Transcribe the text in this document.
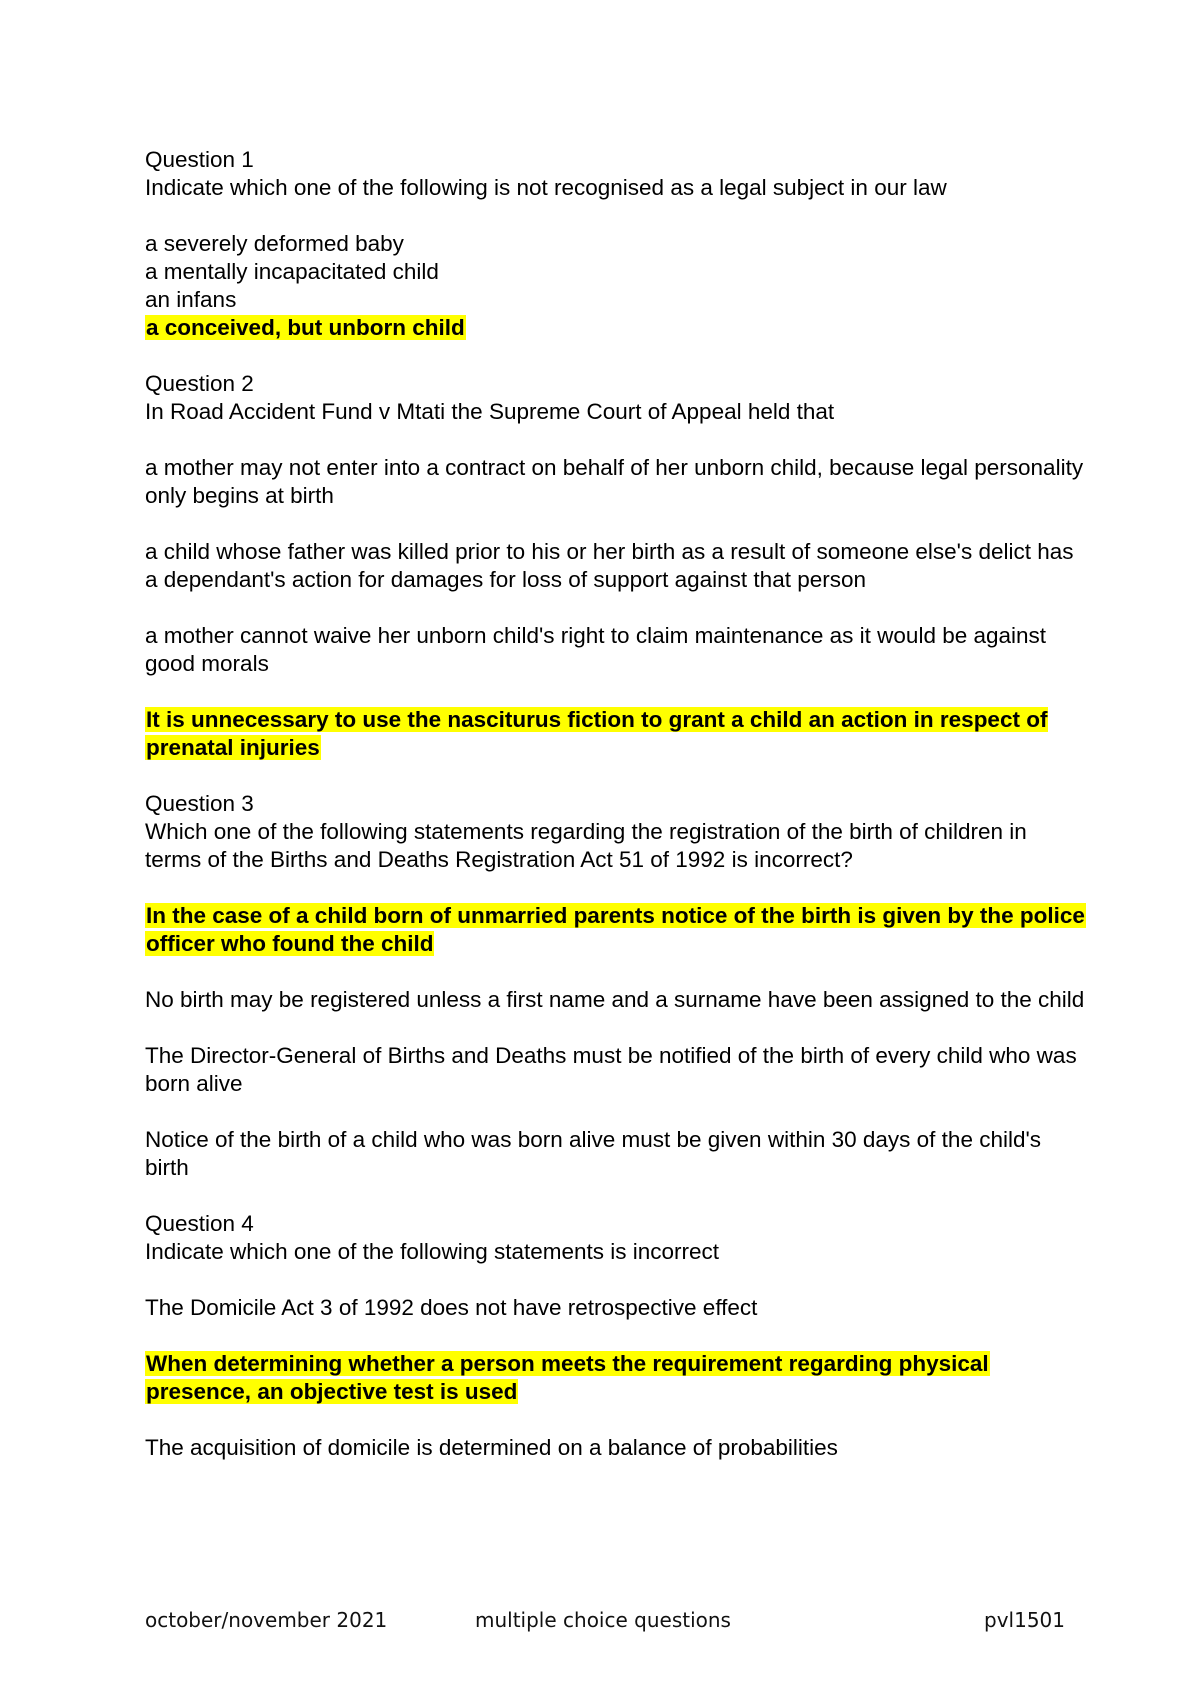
Question 1
Indicate which one of the following is not recognised as a legal subject in our law
a severely deformed baby
a mentally incapacitated child
an infans
a conceived, but unborn child
Question 2
In Road Accident Fund v Mtati the Supreme Court of Appeal held that
a mother may not enter into a contract on behalf of her unborn child, because legal personality only begins at birth
a child whose father was killed prior to his or her birth as a result of someone else's delict has a dependant's action for damages for loss of support against that person
a mother cannot waive her unborn child's right to claim maintenance as it would be against good morals
It is unnecessary to use the nasciturus fiction to grant a child an action in respect of prenatal injuries
Question 3
Which one of the following statements regarding the registration of the birth of children in terms of the Births and Deaths Registration Act 51 of 1992 is incorrect?
In the case of a child born of unmarried parents notice of the birth is given by the police officer who found the child
No birth may be registered unless a first name and a surname have been assigned to the child
The Director-General of Births and Deaths must be notified of the birth of every child who was born alive
Notice of the birth of a child who was born alive must be given within 30 days of the child's birth
Question 4
Indicate which one of the following statements is incorrect
The Domicile Act 3 of 1992 does not have retrospective effect
When determining whether a person meets the requirement regarding physical presence, an objective test is used
The acquisition of domicile is determined on a balance of probabilities
october/november 2021	multiple choice questions	pvl1501
